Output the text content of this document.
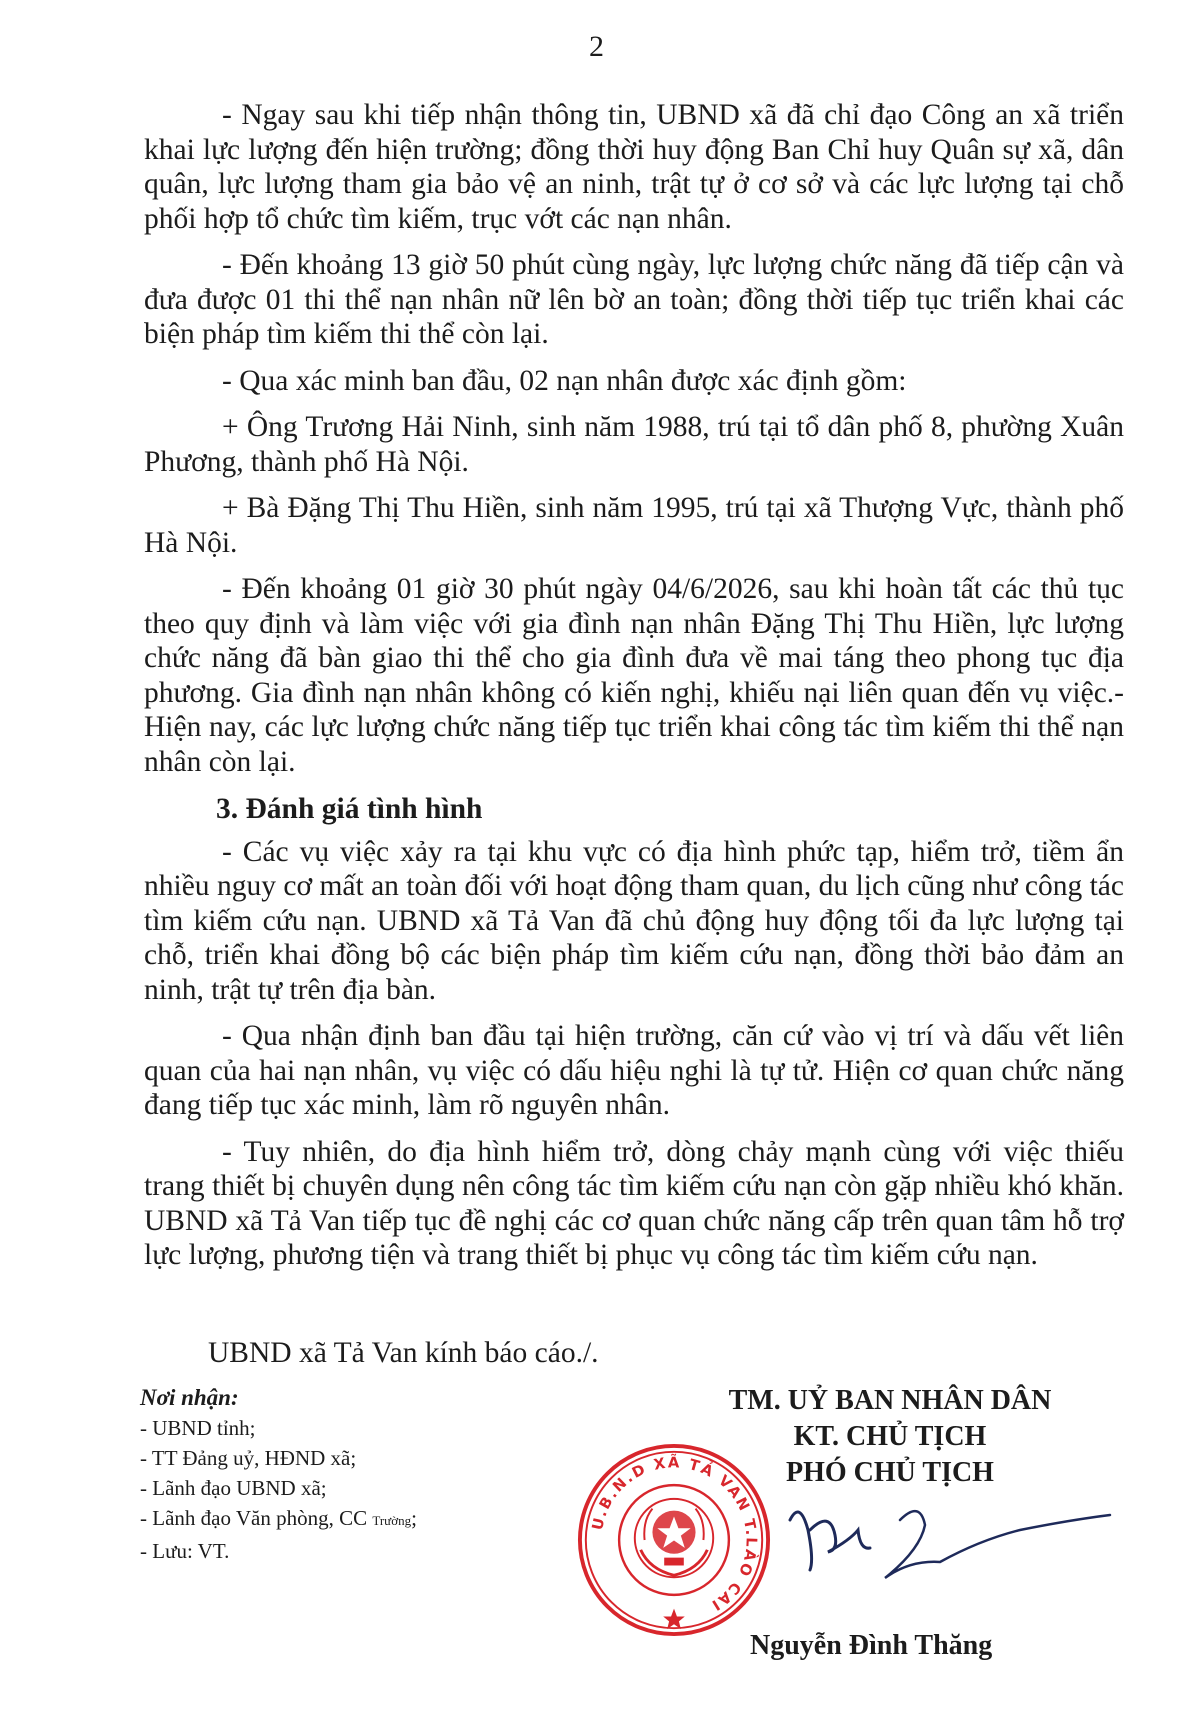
2

- Ngay sau khi tiếp nhận thông tin, UBND xã đã chỉ đạo Công an xã triển khai lực lượng đến hiện trường; đồng thời huy động Ban Chỉ huy Quân sự xã, dân quân, lực lượng tham gia bảo vệ an ninh, trật tự ở cơ sở và các lực lượng tại chỗ phối hợp tổ chức tìm kiếm, trục vớt các nạn nhân.

- Đến khoảng 13 giờ 50 phút cùng ngày, lực lượng chức năng đã tiếp cận và đưa được 01 thi thể nạn nhân nữ lên bờ an toàn; đồng thời tiếp tục triển khai các biện pháp tìm kiếm thi thể còn lại.

- Qua xác minh ban đầu, 02 nạn nhân được xác định gồm:

+ Ông Trương Hải Ninh, sinh năm 1988, trú tại tổ dân phố 8, phường Xuân Phương, thành phố Hà Nội.

+ Bà Đặng Thị Thu Hiền, sinh năm 1995, trú tại xã Thượng Vực, thành phố Hà Nội.

- Đến khoảng 01 giờ 30 phút ngày 04/6/2026, sau khi hoàn tất các thủ tục theo quy định và làm việc với gia đình nạn nhân Đặng Thị Thu Hiền, lực lượng chức năng đã bàn giao thi thể cho gia đình đưa về mai táng theo phong tục địa phương. Gia đình nạn nhân không có kiến nghị, khiếu nại liên quan đến vụ việc.- Hiện nay, các lực lượng chức năng tiếp tục triển khai công tác tìm kiếm thi thể nạn nhân còn lại.

3. Đánh giá tình hình

- Các vụ việc xảy ra tại khu vực có địa hình phức tạp, hiểm trở, tiềm ẩn nhiều nguy cơ mất an toàn đối với hoạt động tham quan, du lịch cũng như công tác tìm kiếm cứu nạn. UBND xã Tả Van đã chủ động huy động tối đa lực lượng tại chỗ, triển khai đồng bộ các biện pháp tìm kiếm cứu nạn, đồng thời bảo đảm an ninh, trật tự trên địa bàn.

- Qua nhận định ban đầu tại hiện trường, căn cứ vào vị trí và dấu vết liên quan của hai nạn nhân, vụ việc có dấu hiệu nghi là tự tử. Hiện cơ quan chức năng đang tiếp tục xác minh, làm rõ nguyên nhân.

- Tuy nhiên, do địa hình hiểm trở, dòng chảy mạnh cùng với việc thiếu trang thiết bị chuyên dụng nên công tác tìm kiếm cứu nạn còn gặp nhiều khó khăn. UBND xã Tả Van tiếp tục đề nghị các cơ quan chức năng cấp trên quan tâm hỗ trợ lực lượng, phương tiện và trang thiết bị phục vụ công tác tìm kiếm cứu nạn.

UBND xã Tả Van kính báo cáo./.
Nơi nhận:
- UBND tỉnh;
- TT Đảng uỷ, HĐND xã;
- Lãnh đạo UBND xã;
- Lãnh đạo Văn phòng, CC Trường;
- Lưu: VT.
TM. UỶ BAN NHÂN DÂN
KT. CHỦ TỊCH
PHÓ CHỦ TỊCH
U.B.N.D XÃ TẢ VAN T.LÀO CAI
Nguyễn Đình Thăng
